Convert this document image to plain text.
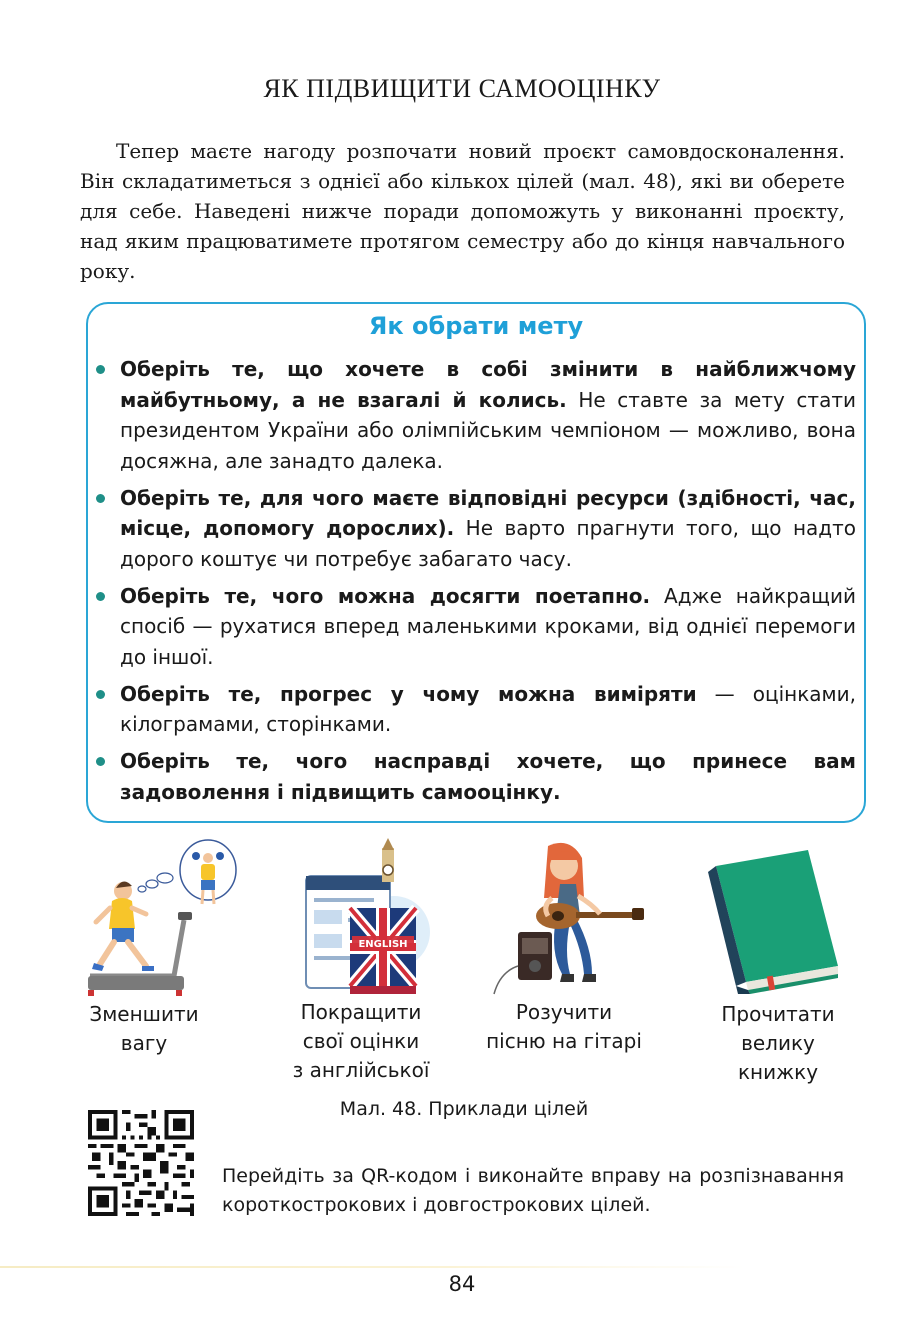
ЯК ПІДВИЩИТИ САМООЦІНКУ

Тепер маєте нагоду розпочати новий проєкт самовдосконалення. Він складатиметься з однієї або кількох цілей (мал. 48), які ви оберете для себе. Наведені нижче поради допоможуть у виконанні проєкту, над яким працюватимете протягом семестру або до кінця навчального року.

Як обрати мету
Оберіть те, що хочете в собі змінити в найближчому майбутньому, а не взагалі й колись. Не ставте за мету стати президентом України або олімпійським чемпіоном — можливо, вона досяжна, але занадто далека.
Оберіть те, для чого маєте відповідні ресурси (здібності, час, місце, допомогу дорослих). Не варто прагнути того, що надто дорого коштує чи потребує забагато часу.
Оберіть те, чого можна досягти поетапно. Адже найкращий спосіб — рухатися вперед маленькими кроками, від однієї перемоги до іншої.
Оберіть те, прогрес у чому можна виміряти — оцінками, кілограмами, сторінками.
Оберіть те, чого насправді хочете, що принесе вам задоволення і підвищить самооцінку.
Зменшити
вагу
ENGLISH
Покращити
свої оцінки
з англійської
Розучити
пісню на гітарі
Прочитати
велику
книжку
Мал. 48. Приклади цілей
Перейдіть за QR-кодом і виконайте вправу на розпізнавання короткострокових і довгострокових цілей.
84
